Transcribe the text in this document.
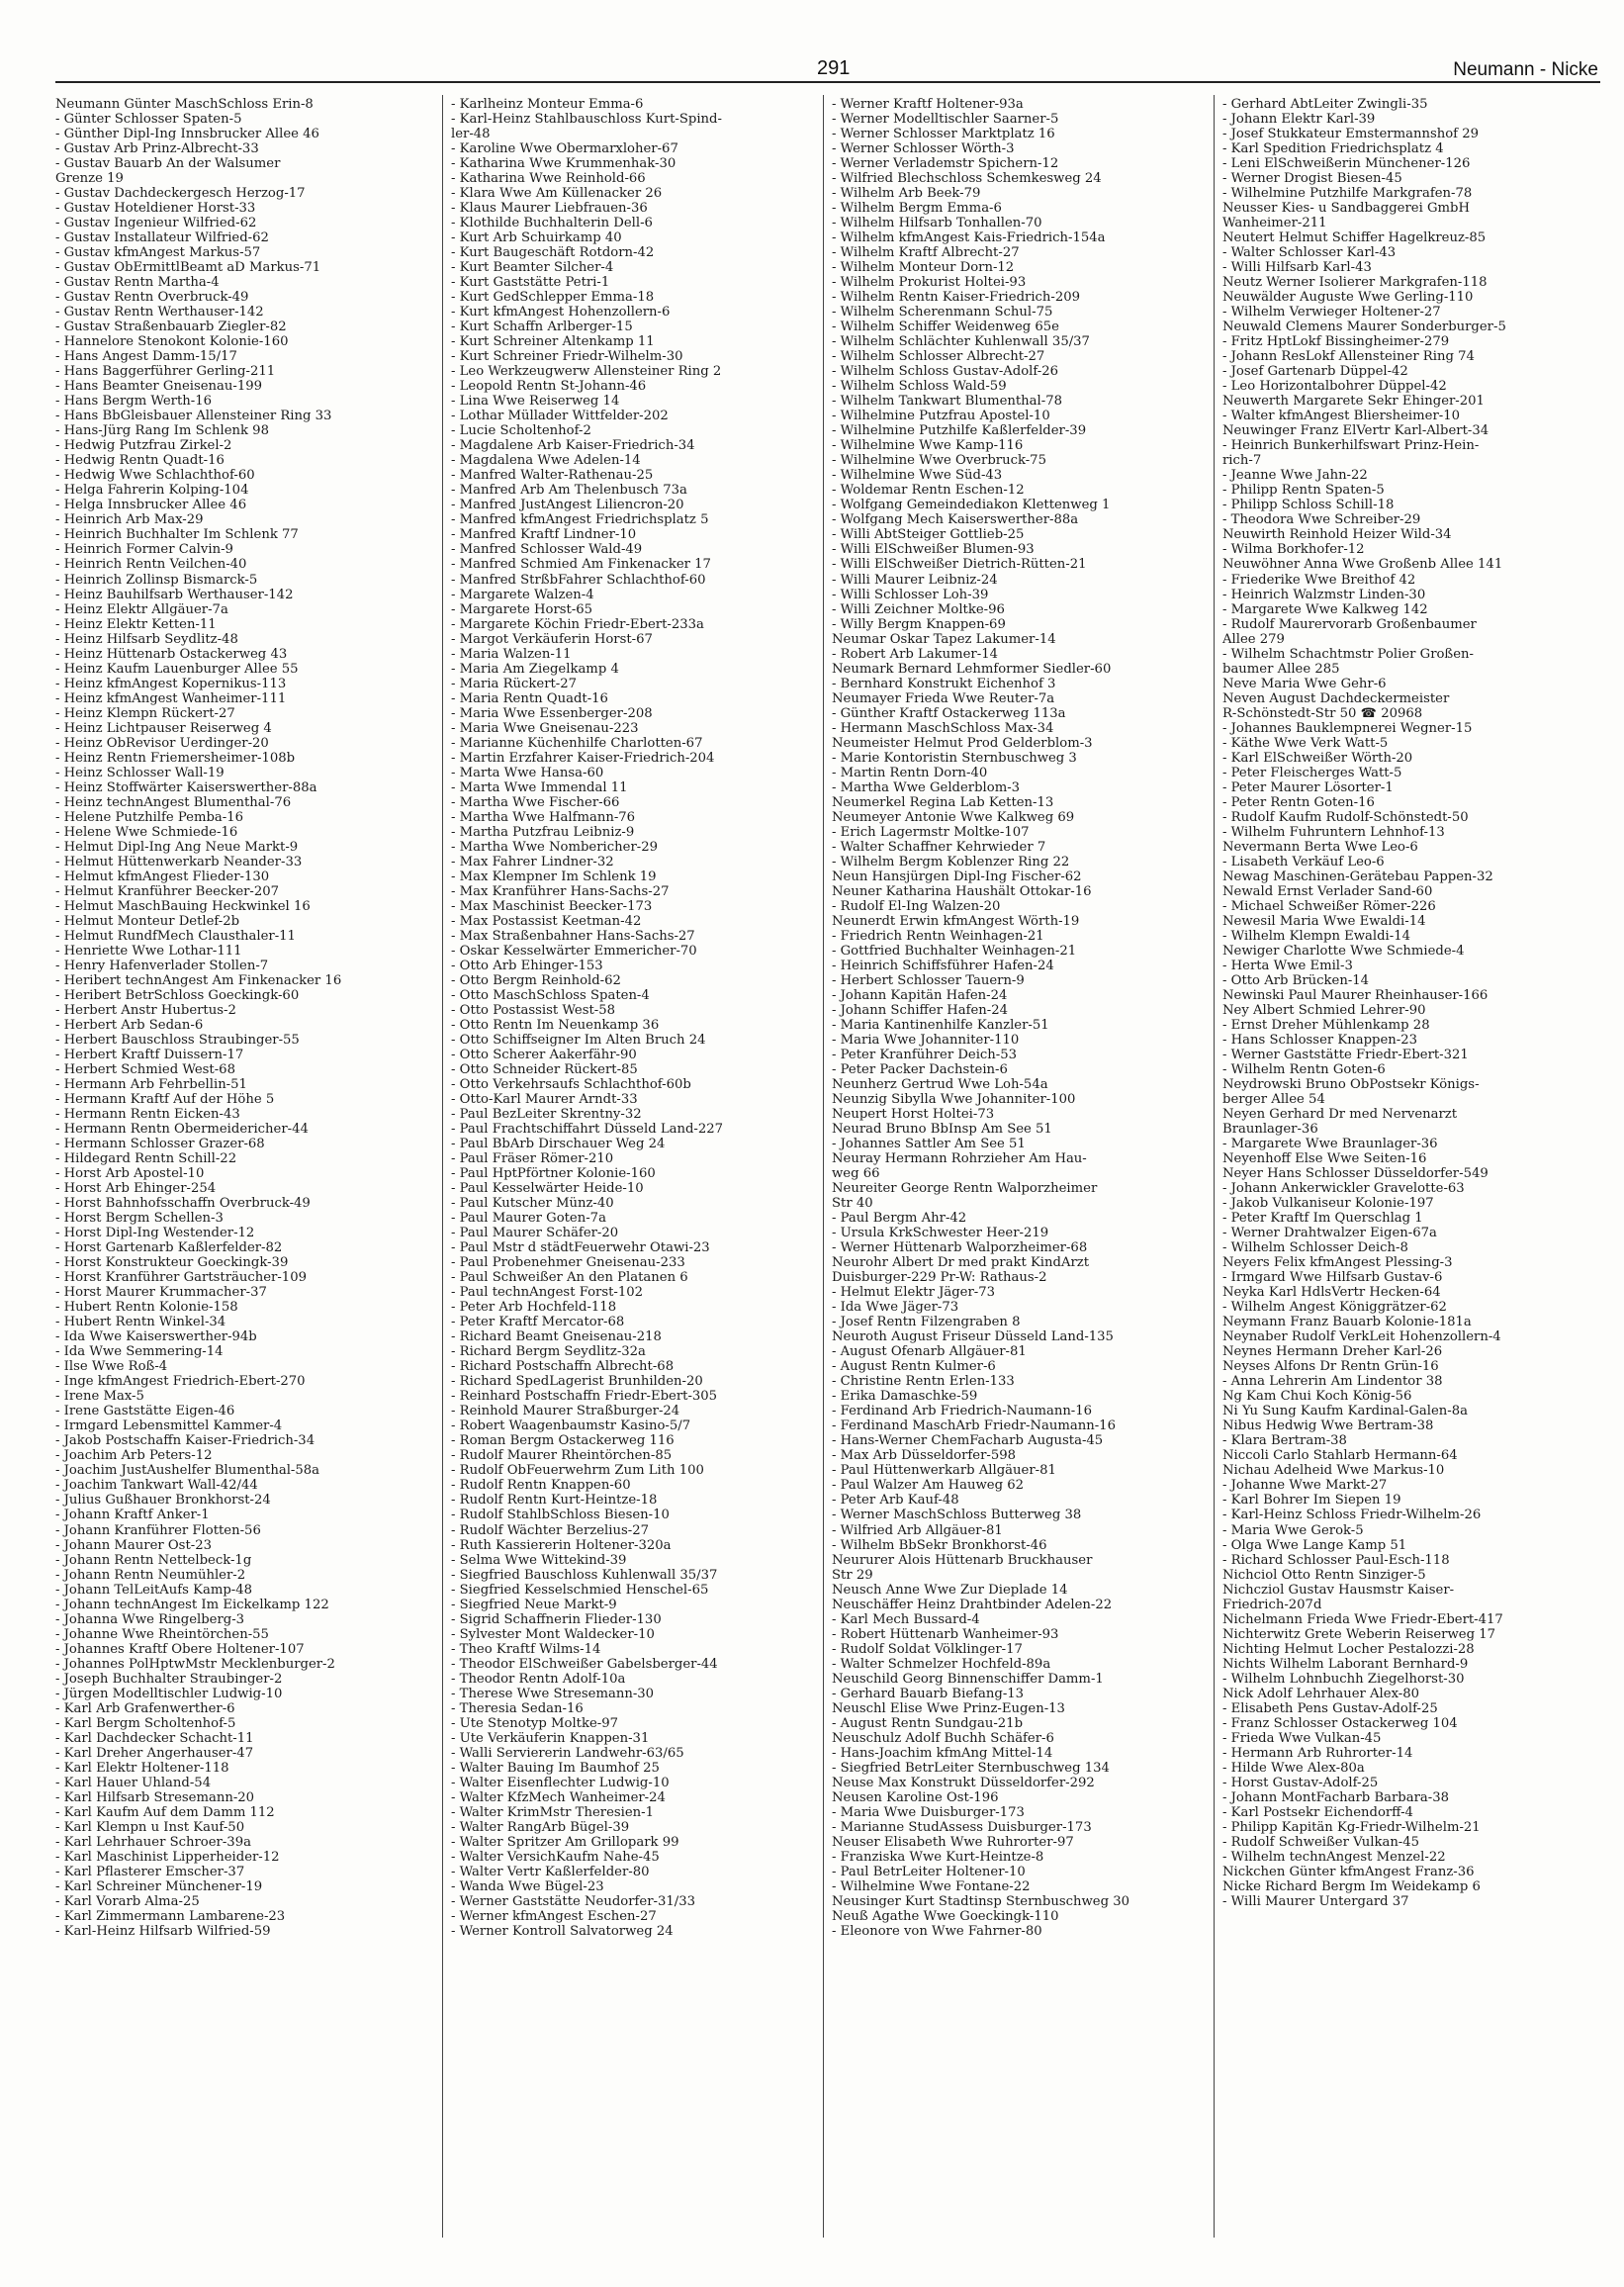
291	Neumann - Nicke
Neumann Günter MaschSchloss Erin-8
- Günter Schlosser Spaten-5
- Günther Dipl-Ing Innsbrucker Allee 46
- Gustav Arb Prinz-Albrecht-33
- Gustav Bauarb An der Walsumer
Grenze 19
- Gustav Dachdeckergesch Herzog-17
- Gustav Hoteldiener Horst-33
- Gustav Ingenieur Wilfried-62
- Gustav Installateur Wilfried-62
- Gustav kfmAngest Markus-57
- Gustav ObErmittlBeamt aD Markus-71
- Gustav Rentn Martha-4
- Gustav Rentn Overbruck-49
- Gustav Rentn Werthauser-142
- Gustav Straßenbauarb Ziegler-82
- Hannelore Stenokont Kolonie-160
- Hans Angest Damm-15/17
- Hans Baggerführer Gerling-211
- Hans Beamter Gneisenau-199
- Hans Bergm Werth-16
- Hans BbGleisbauer Allensteiner Ring 33
- Hans-Jürg Rang Im Schlenk 98
- Hedwig Putzfrau Zirkel-2
- Hedwig Rentn Quadt-16
- Hedwig Wwe Schlachthof-60
- Helga Fahrerin Kolping-104
- Helga Innsbrucker Allee 46
- Heinrich Arb Max-29
- Heinrich Buchhalter Im Schlenk 77
- Heinrich Former Calvin-9
- Heinrich Rentn Veilchen-40
- Heinrich Zollinsp Bismarck-5
- Heinz Bauhilfsarb Werthauser-142
- Heinz Elektr Allgäuer-7a
- Heinz Elektr Ketten-11
- Heinz Hilfsarb Seydlitz-48
- Heinz Hüttenarb Ostackerweg 43
- Heinz Kaufm Lauenburger Allee 55
- Heinz kfmAngest Kopernikus-113
- Heinz kfmAngest Wanheimer-111
- Heinz Klempn Rückert-27
- Heinz Lichtpauser Reiserweg 4
- Heinz ObRevisor Uerdinger-20
- Heinz Rentn Friemersheimer-108b
- Heinz Schlosser Wall-19
- Heinz Stoffwärter Kaiserswerther-88a
- Heinz technAngest Blumenthal-76
- Helene Putzhilfe Pemba-16
- Helene Wwe Schmiede-16
- Helmut Dipl-Ing Ang Neue Markt-9
- Helmut Hüttenwerkarb Neander-33
- Helmut kfmAngest Flieder-130
- Helmut Kranführer Beecker-207
- Helmut MaschBauing Heckwinkel 16
- Helmut Monteur Detlef-2b
- Helmut RundfMech Clausthaler-11
- Henriette Wwe Lothar-111
- Henry Hafenverlader Stollen-7
- Heribert technAngest Am Finkenacker 16
- Heribert BetrSchloss Goeckingk-60
- Herbert Anstr Hubertus-2
- Herbert Arb Sedan-6
- Herbert Bauschloss Straubinger-55
- Herbert Kraftf Duissern-17
- Herbert Schmied West-68
- Hermann Arb Fehrbellin-51
- Hermann Kraftf Auf der Höhe 5
- Hermann Rentn Eicken-43
- Hermann Rentn Obermeidericher-44
- Hermann Schlosser Grazer-68
- Hildegard Rentn Schill-22
- Horst Arb Apostel-10
- Horst Arb Ehinger-254
- Horst Bahnhofsschaffn Overbruck-49
- Horst Bergm Schellen-3
- Horst Dipl-Ing Westender-12
- Horst Gartenarb Kaßlerfelder-82
- Horst Konstrukteur Goeckingk-39
- Horst Kranführer Gartsträucher-109
- Horst Maurer Krummacher-37
- Hubert Rentn Kolonie-158
- Hubert Rentn Winkel-34
- Ida Wwe Kaiserswerther-94b
- Ida Wwe Semmering-14
- Ilse Wwe Roß-4
- Inge kfmAngest Friedrich-Ebert-270
- Irene Max-5
- Irene Gaststätte Eigen-46
- Irmgard Lebensmittel Kammer-4
- Jakob Postschaffn Kaiser-Friedrich-34
- Joachim Arb Peters-12
- Joachim JustAushelfer Blumenthal-58a
- Joachim Tankwart Wall-42/44
- Julius Gußhauer Bronkhorst-24
- Johann Kraftf Anker-1
- Johann Kranführer Flotten-56
- Johann Maurer Ost-23
- Johann Rentn Nettelbeck-1g
- Johann Rentn Neumühler-2
- Johann TelLeitAufs Kamp-48
- Johann technAngest Im Eickelkamp 122
- Johanna Wwe Ringelberg-3
- Johanne Wwe Rheintörchen-55
- Johannes Kraftf Obere Holtener-107
- Johannes PolHptwMstr Mecklenburger-2
- Joseph Buchhalter Straubinger-2
- Jürgen Modelltischler Ludwig-10
- Karl Arb Grafenwerther-6
- Karl Bergm Scholtenhof-5
- Karl Dachdecker Schacht-11
- Karl Dreher Angerhauser-47
- Karl Elektr Holtener-118
- Karl Hauer Uhland-54
- Karl Hilfsarb Stresemann-20
- Karl Kaufm Auf dem Damm 112
- Karl Klempn u Inst Kauf-50
- Karl Lehrhauer Schroer-39a
- Karl Maschinist Lipperheider-12
- Karl Pflasterer Emscher-37
- Karl Schreiner Münchener-19
- Karl Vorarb Alma-25
- Karl Zimmermann Lambarene-23
- Karl-Heinz Hilfsarb Wilfried-59
- Karlheinz Monteur Emma-6
- Karl-Heinz Stahlbauschloss Kurt-Spind-
ler-48
- Karoline Wwe Obermarxloher-67
- Katharina Wwe Krummenhak-30
- Katharina Wwe Reinhold-66
- Klara Wwe Am Küllenacker 26
- Klaus Maurer Liebfrauen-36
- Klothilde Buchhalterin Dell-6
- Kurt Arb Schuirkamp 40
- Kurt Baugeschäft Rotdorn-42
- Kurt Beamter Silcher-4
- Kurt Gaststätte Petri-1
- Kurt GedSchlepper Emma-18
- Kurt kfmAngest Hohenzollern-6
- Kurt Schaffn Arlberger-15
- Kurt Schreiner Altenkamp 11
- Kurt Schreiner Friedr-Wilhelm-30
- Leo Werkzeugwerw Allensteiner Ring 2
- Leopold Rentn St-Johann-46
- Lina Wwe Reiserweg 14
- Lothar Müllader Wittfelder-202
- Lucie Scholtenhof-2
- Magdalene Arb Kaiser-Friedrich-34
- Magdalena Wwe Adelen-14
- Manfred Walter-Rathenau-25
- Manfred Arb Am Thelenbusch 73a
- Manfred JustAngest Liliencron-20
- Manfred kfmAngest Friedrichsplatz 5
- Manfred Kraftf Lindner-10
- Manfred Schlosser Wald-49
- Manfred Schmied Am Finkenacker 17
- Manfred StrßbFahrer Schlachthof-60
- Margarete Walzen-4
- Margarete Horst-65
- Margarete Köchin Friedr-Ebert-233a
- Margot Verkäuferin Horst-67
- Maria Walzen-11
- Maria Am Ziegelkamp 4
- Maria Rückert-27
- Maria Rentn Quadt-16
- Maria Wwe Essenberger-208
- Maria Wwe Gneisenau-223
- Marianne Küchenhilfe Charlotten-67
- Martin Erzfahrer Kaiser-Friedrich-204
- Marta Wwe Hansa-60
- Marta Wwe Immendal 11
- Martha Wwe Fischer-66
- Martha Wwe Halfmann-76
- Martha Putzfrau Leibniz-9
- Martha Wwe Nombericher-29
- Max Fahrer Lindner-32
- Max Klempner Im Schlenk 19
- Max Kranführer Hans-Sachs-27
- Max Maschinist Beecker-173
- Max Postassist Keetman-42
- Max Straßenbahner Hans-Sachs-27
- Oskar Kesselwärter Emmericher-70
- Otto Arb Ehinger-153
- Otto Bergm Reinhold-62
- Otto MaschSchloss Spaten-4
- Otto Postassist West-58
- Otto Rentn Im Neuenkamp 36
- Otto Schiffseigner Im Alten Bruch 24
- Otto Scherer Aakerfähr-90
- Otto Schneider Rückert-85
- Otto Verkehrsaufs Schlachthof-60b
- Otto-Karl Maurer Arndt-33
- Paul BezLeiter Skrentny-32
- Paul Frachtschiffahrt Düsseld Land-227
- Paul BbArb Dirschauer Weg 24
- Paul Fräser Römer-210
- Paul HptPförtner Kolonie-160
- Paul Kesselwärter Heide-10
- Paul Kutscher Münz-40
- Paul Maurer Goten-7a
- Paul Maurer Schäfer-20
- Paul Mstr d städtFeuerwehr Otawi-23
- Paul Probenehmer Gneisenau-233
- Paul Schweißer An den Platanen 6
- Paul technAngest Forst-102
- Peter Arb Hochfeld-118
- Peter Kraftf Mercator-68
- Richard Beamt Gneisenau-218
- Richard Bergm Seydlitz-32a
- Richard Postschaffn Albrecht-68
- Richard SpedLagerist Brunhilden-20
- Reinhard Postschaffn Friedr-Ebert-305
- Reinhold Maurer Straßburger-24
- Robert Waagenbaumstr Kasino-5/7
- Roman Bergm Ostackerweg 116
- Rudolf Maurer Rheintörchen-85
- Rudolf ObFeuerwehrm Zum Lith 100
- Rudolf Rentn Knappen-60
- Rudolf Rentn Kurt-Heintze-18
- Rudolf StahlbSchloss Biesen-10
- Rudolf Wächter Berzelius-27
- Ruth Kassiererin Holtener-320a
- Selma Wwe Wittekind-39
- Siegfried Bauschloss Kuhlenwall 35/37
- Siegfried Kesselschmied Henschel-65
- Siegfried Neue Markt-9
- Sigrid Schaffnerin Flieder-130
- Sylvester Mont Waldecker-10
- Theo Kraftf Wilms-14
- Theodor ElSchweißer Gabelsberger-44
- Theodor Rentn Adolf-10a
- Therese Wwe Stresemann-30
- Theresia Sedan-16
- Ute Stenotyp Moltke-97
- Ute Verkäuferin Knappen-31
- Walli Serviererin Landwehr-63/65
- Walter Bauing Im Baumhof 25
- Walter Eisenflechter Ludwig-10
- Walter KfzMech Wanheimer-24
- Walter KrimMstr Theresien-1
- Walter RangArb Bügel-39
- Walter Spritzer Am Grillopark 99
- Walter VersichKaufm Nahe-45
- Walter Vertr Kaßlerfelder-80
- Wanda Wwe Bügel-23
- Werner Gaststätte Neudorfer-31/33
- Werner kfmAngest Eschen-27
- Werner Kontroll Salvatorweg 24
- Werner Kraftf Holtener-93a
- Werner Modelltischler Saarner-5
- Werner Schlosser Marktplatz 16
- Werner Schlosser Wörth-3
- Werner Verlademstr Spichern-12
- Wilfried Blechschloss Schemkesweg 24
- Wilhelm Arb Beek-79
- Wilhelm Bergm Emma-6
- Wilhelm Hilfsarb Tonhallen-70
- Wilhelm kfmAngest Kais-Friedrich-154a
- Wilhelm Kraftf Albrecht-27
- Wilhelm Monteur Dorn-12
- Wilhelm Prokurist Holtei-93
- Wilhelm Rentn Kaiser-Friedrich-209
- Wilhelm Scherenmann Schul-75
- Wilhelm Schiffer Weidenweg 65e
- Wilhelm Schlächter Kuhlenwall 35/37
- Wilhelm Schlosser Albrecht-27
- Wilhelm Schloss Gustav-Adolf-26
- Wilhelm Schloss Wald-59
- Wilhelm Tankwart Blumenthal-78
- Wilhelmine Putzfrau Apostel-10
- Wilhelmine Putzhilfe Kaßlerfelder-39
- Wilhelmine Wwe Kamp-116
- Wilhelmine Wwe Overbruck-75
- Wilhelmine Wwe Süd-43
- Woldemar Rentn Eschen-12
- Wolfgang Gemeindediakon Klettenweg 1
- Wolfgang Mech Kaiserswerther-88a
- Willi AbtSteiger Gottlieb-25
- Willi ElSchweißer Blumen-93
- Willi ElSchweißer Dietrich-Rütten-21
- Willi Maurer Leibniz-24
- Willi Schlosser Loh-39
- Willi Zeichner Moltke-96
- Willy Bergm Knappen-69
Neumar Oskar Tapez Lakumer-14
- Robert Arb Lakumer-14
Neumark Bernard Lehmformer Siedler-60
- Bernhard Konstrukt Eichenhof 3
Neumayer Frieda Wwe Reuter-7a
- Günther Kraftf Ostackerweg 113a
- Hermann MaschSchloss Max-34
Neumeister Helmut Prod Gelderblom-3
- Marie Kontoristin Sternbuschweg 3
- Martin Rentn Dorn-40
- Martha Wwe Gelderblom-3
Neumerkel Regina Lab Ketten-13
Neumeyer Antonie Wwe Kalkweg 69
- Erich Lagermstr Moltke-107
- Walter Schaffner Kehrwieder 7
- Wilhelm Bergm Koblenzer Ring 22
Neun Hansjürgen Dipl-Ing Fischer-62
Neuner Katharina Haushält Ottokar-16
- Rudolf El-Ing Walzen-20
Neunerdt Erwin kfmAngest Wörth-19
- Friedrich Rentn Weinhagen-21
- Gottfried Buchhalter Weinhagen-21
- Heinrich Schiffsführer Hafen-24
- Herbert Schlosser Tauern-9
- Johann Kapitän Hafen-24
- Johann Schiffer Hafen-24
- Maria Kantinenhilfe Kanzler-51
- Maria Wwe Johanniter-110
- Peter Kranführer Deich-53
- Peter Packer Dachstein-6
Neunherz Gertrud Wwe Loh-54a
Neunzig Sibylla Wwe Johanniter-100
Neupert Horst Holtei-73
Neurad Bruno BbInsp Am See 51
- Johannes Sattler Am See 51
Neuray Hermann Rohrzieher Am Hau-
weg 66
Neureiter George Rentn Walporzheimer
Str 40
- Paul Bergm Ahr-42
- Ursula KrkSchwester Heer-219
- Werner Hüttenarb Walporzheimer-68
Neurohr Albert Dr med prakt KindArzt
Duisburger-229 Pr-W: Rathaus-2
- Helmut Elektr Jäger-73
- Ida Wwe Jäger-73
- Josef Rentn Filzengraben 8
Neuroth August Friseur Düsseld Land-135
- August Ofenarb Allgäuer-81
- August Rentn Kulmer-6
- Christine Rentn Erlen-133
- Erika Damaschke-59
- Ferdinand Arb Friedrich-Naumann-16
- Ferdinand MaschArb Friedr-Naumann-16
- Hans-Werner ChemFacharb Augusta-45
- Max Arb Düsseldorfer-598
- Paul Hüttenwerkarb Allgäuer-81
- Paul Walzer Am Hauweg 62
- Peter Arb Kauf-48
- Werner MaschSchloss Butterweg 38
- Wilfried Arb Allgäuer-81
- Wilhelm BbSekr Bronkhorst-46
Neururer Alois Hüttenarb Bruckhauser
Str 29
Neusch Anne Wwe Zur Dieplade 14
Neuschäffer Heinz Drahtbinder Adelen-22
- Karl Mech Bussard-4
- Robert Hüttenarb Wanheimer-93
- Rudolf Soldat Völklinger-17
- Walter Schmelzer Hochfeld-89a
Neuschild Georg Binnenschiffer Damm-1
- Gerhard Bauarb Biefang-13
Neuschl Elise Wwe Prinz-Eugen-13
- August Rentn Sundgau-21b
Neuschulz Adolf Buchh Schäfer-6
- Hans-Joachim kfmAng Mittel-14
- Siegfried BetrLeiter Sternbuschweg 134
Neuse Max Konstrukt Düsseldorfer-292
Neusen Karoline Ost-196
- Maria Wwe Duisburger-173
- Marianne StudAssess Duisburger-173
Neuser Elisabeth Wwe Ruhrorter-97
- Franziska Wwe Kurt-Heintze-8
- Paul BetrLeiter Holtener-10
- Wilhelmine Wwe Fontane-22
Neusinger Kurt Stadtinsp Sternbuschweg 30
Neuß Agathe Wwe Goeckingk-110
- Eleonore von Wwe Fahrner-80
- Gerhard AbtLeiter Zwingli-35
- Johann Elektr Karl-39
- Josef Stukkateur Emstermannshof 29
- Karl Spedition Friedrichsplatz 4
- Leni ElSchweißerin Münchener-126
- Werner Drogist Biesen-45
- Wilhelmine Putzhilfe Markgrafen-78
Neusser Kies- u Sandbaggerei GmbH
Wanheimer-211
Neutert Helmut Schiffer Hagelkreuz-85
- Walter Schlosser Karl-43
- Willi Hilfsarb Karl-43
Neutz Werner Isolierer Markgrafen-118
Neuwälder Auguste Wwe Gerling-110
- Wilhelm Verwieger Holtener-27
Neuwald Clemens Maurer Sonderburger-5
- Fritz HptLokf Bissingheimer-279
- Johann ResLokf Allensteiner Ring 74
- Josef Gartenarb Düppel-42
- Leo Horizontalbohrer Düppel-42
Neuwerth Margarete Sekr Ehinger-201
- Walter kfmAngest Bliersheimer-10
Neuwinger Franz ElVertr Karl-Albert-34
- Heinrich Bunkerhilfswart Prinz-Hein-
rich-7
- Jeanne Wwe Jahn-22
- Philipp Rentn Spaten-5
- Philipp Schloss Schill-18
- Theodora Wwe Schreiber-29
Neuwirth Reinhold Heizer Wild-34
- Wilma Borkhofer-12
Neuwöhner Anna Wwe Großenb Allee 141
- Friederike Wwe Breithof 42
- Heinrich Walzmstr Linden-30
- Margarete Wwe Kalkweg 142
- Rudolf Maurervorarb Großenbaumer
Allee 279
- Wilhelm Schachtmstr Polier Großen-
baumer Allee 285
Neve Maria Wwe Gehr-6
Neven August Dachdeckermeister
R-Schönstedt-Str 50 ☎ 20968
- Johannes Bauklempnerei Wegner-15
- Käthe Wwe Verk Watt-5
- Karl ElSchweißer Wörth-20
- Peter Fleischerges Watt-5
- Peter Maurer Lösorter-1
- Peter Rentn Goten-16
- Rudolf Kaufm Rudolf-Schönstedt-50
- Wilhelm Fuhruntern Lehnhof-13
Nevermann Berta Wwe Leo-6
- Lisabeth Verkäuf Leo-6
Newag Maschinen-Gerätebau Pappen-32
Newald Ernst Verlader Sand-60
- Michael Schweißer Römer-226
Newesil Maria Wwe Ewaldi-14
- Wilhelm Klempn Ewaldi-14
Newiger Charlotte Wwe Schmiede-4
- Herta Wwe Emil-3
- Otto Arb Brücken-14
Newinski Paul Maurer Rheinhauser-166
Ney Albert Schmied Lehrer-90
- Ernst Dreher Mühlenkamp 28
- Hans Schlosser Knappen-23
- Werner Gaststätte Friedr-Ebert-321
- Wilhelm Rentn Goten-6
Neydrowski Bruno ObPostsekr Königs-
berger Allee 54
Neyen Gerhard Dr med Nervenarzt
Braunlager-36
- Margarete Wwe Braunlager-36
Neyenhoff Else Wwe Seiten-16
Neyer Hans Schlosser Düsseldorfer-549
- Johann Ankerwickler Gravelotte-63
- Jakob Vulkaniseur Kolonie-197
- Peter Kraftf Im Querschlag 1
- Werner Drahtwalzer Eigen-67a
- Wilhelm Schlosser Deich-8
Neyers Felix kfmAngest Plessing-3
- Irmgard Wwe Hilfsarb Gustav-6
Neyka Karl HdlsVertr Hecken-64
- Wilhelm Angest Königgrätzer-62
Neymann Franz Bauarb Kolonie-181a
Neynaber Rudolf VerkLeit Hohenzollern-4
Neynes Hermann Dreher Karl-26
Neyses Alfons Dr Rentn Grün-16
- Anna Lehrerin Am Lindentor 38
Ng Kam Chui Koch König-56
Ni Yu Sung Kaufm Kardinal-Galen-8a
Nibus Hedwig Wwe Bertram-38
- Klara Bertram-38
Niccoli Carlo Stahlarb Hermann-64
Nichau Adelheid Wwe Markus-10
- Johanne Wwe Markt-27
- Karl Bohrer Im Siepen 19
- Karl-Heinz Schloss Friedr-Wilhelm-26
- Maria Wwe Gerok-5
- Olga Wwe Lange Kamp 51
- Richard Schlosser Paul-Esch-118
Nichciol Otto Rentn Sinziger-5
Nichcziol Gustav Hausmstr Kaiser-
Friedrich-207d
Nichelmann Frieda Wwe Friedr-Ebert-417
Nichterwitz Grete Weberin Reiserweg 17
Nichting Helmut Locher Pestalozzi-28
Nichts Wilhelm Laborant Bernhard-9
- Wilhelm Lohnbuchh Ziegelhorst-30
Nick Adolf Lehrhauer Alex-80
- Elisabeth Pens Gustav-Adolf-25
- Franz Schlosser Ostackerweg 104
- Frieda Wwe Vulkan-45
- Hermann Arb Ruhrorter-14
- Hilde Wwe Alex-80a
- Horst Gustav-Adolf-25
- Johann MontFacharb Barbara-38
- Karl Postsekr Eichendorff-4
- Philipp Kapitän Kg-Friedr-Wilhelm-21
- Rudolf Schweißer Vulkan-45
- Wilhelm technAngest Menzel-22
Nickchen Günter kfmAngest Franz-36
Nicke Richard Bergm Im Weidekamp 6
- Willi Maurer Untergard 37
